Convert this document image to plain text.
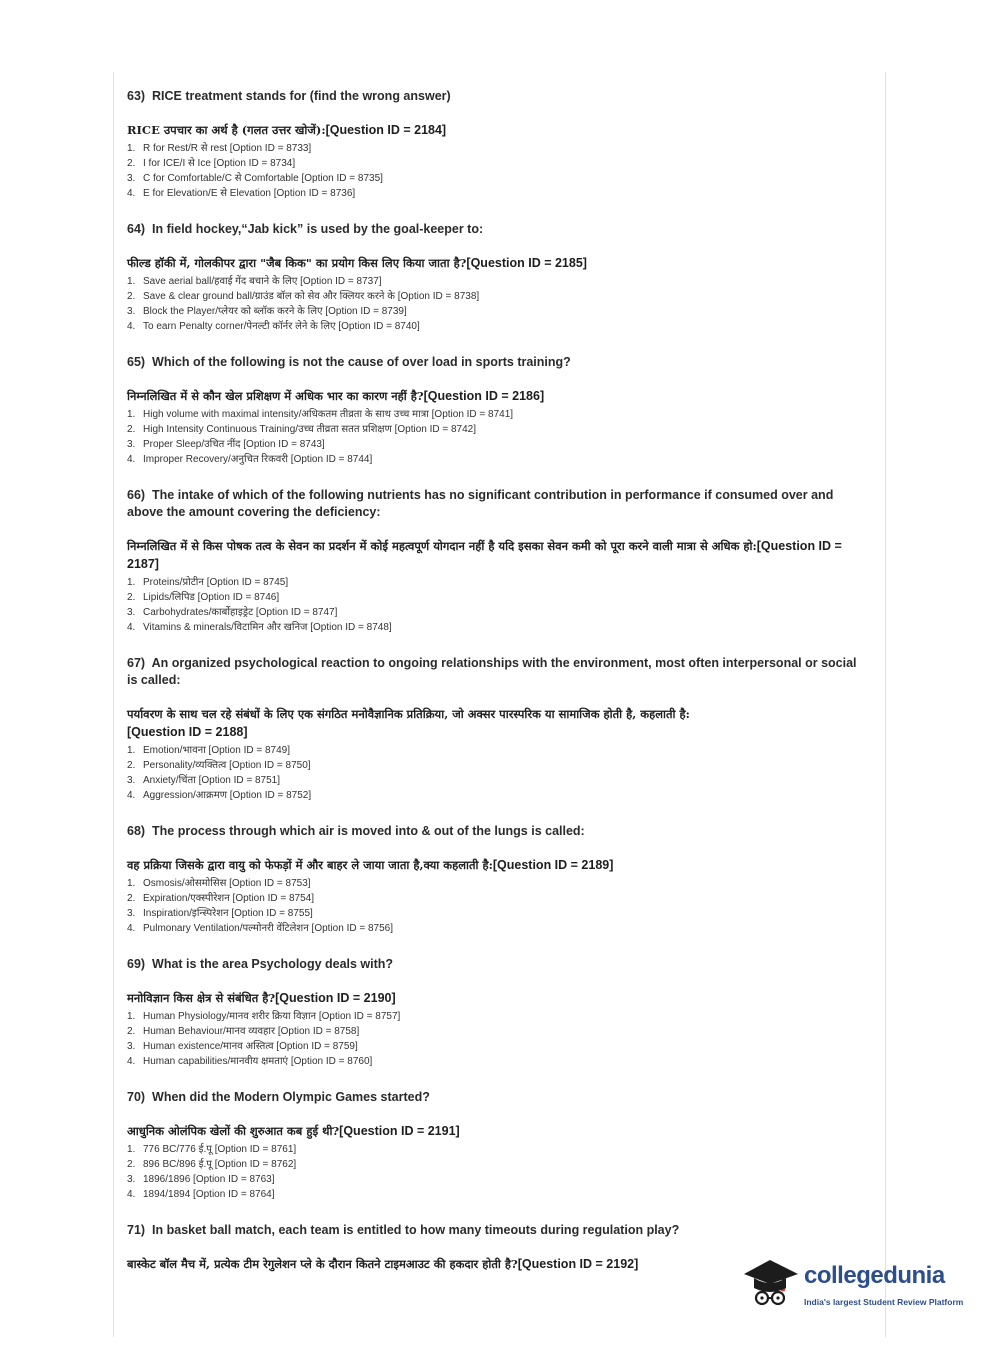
63) RICE treatment stands for (find the wrong answer)

RICE उपचार का अर्थ है (गलत उत्तर खोजें):[Question ID = 2184]

1. R for Rest/R से rest [Option ID = 8733]
2. I for ICE/I से Ice [Option ID = 8734]
3. C for Comfortable/C से Comfortable [Option ID = 8735]
4. E for Elevation/E से Elevation [Option ID = 8736]

64) In field hockey,“Jab kick” is used by the goal-keeper to:

फील्ड हॉकी में, गोलकीपर द्वारा "जैब किक" का प्रयोग किस लिए किया जाता है?[Question ID = 2185]

1. Save aerial ball/हवाई गेंद बचाने के लिए [Option ID = 8737]
2. Save & clear ground ball/ग्राउंड बॉल को सेव और क्लियर करने के [Option ID = 8738]
3. Block the Player/प्लेयर को ब्लॉक करने के लिए [Option ID = 8739]
4. To earn Penalty corner/पेनल्टी कॉर्नर लेने के लिए [Option ID = 8740]

65) Which of the following is not the cause of over load in sports training?

निम्नलिखित में से कौन खेल प्रशिक्षण में अधिक भार का कारण नहीं है?[Question ID = 2186]

1. High volume with maximal intensity/अधिकतम तीव्रता के साथ उच्च मात्रा [Option ID = 8741]
2. High Intensity Continuous Training/उच्च तीव्रता सतत प्रशिक्षण [Option ID = 8742]
3. Proper Sleep/उचित नींद [Option ID = 8743]
4. Improper Recovery/अनुचित रिकवरी [Option ID = 8744]

66) The intake of which of the following nutrients has no significant contribution in performance if consumed over and above the amount covering the deficiency:

निम्नलिखित में से किस पोषक तत्व के सेवन का प्रदर्शन में कोई महत्वपूर्ण योगदान नहीं है यदि इसका सेवन कमी को पूरा करने वाली मात्रा से अधिक हो:[Question ID = 2187]

1. Proteins/प्रोटीन [Option ID = 8745]
2. Lipids/लिपिड [Option ID = 8746]
3. Carbohydrates/कार्बोहाइड्रेट [Option ID = 8747]
4. Vitamins & minerals/विटामिन और खनिज [Option ID = 8748]

67) An organized psychological reaction to ongoing relationships with the environment, most often interpersonal or social is called:

पर्यावरण के साथ चल रहे संबंधों के लिए एक संगठित मनोवैज्ञानिक प्रतिक्रिया, जो अक्सर पारस्परिक या सामाजिक होती है, कहलाती है:
[Question ID = 2188]

1. Emotion/भावना [Option ID = 8749]
2. Personality/व्यक्तित्व [Option ID = 8750]
3. Anxiety/चिंता [Option ID = 8751]
4. Aggression/आक्रमण [Option ID = 8752]

68) The process through which air is moved into & out of the lungs is called:

वह प्रक्रिया जिसके द्वारा वायु को फेफड़ों में और बाहर ले जाया जाता है,क्या कहलाती है:[Question ID = 2189]

1. Osmosis/ओसमोसिस [Option ID = 8753]
2. Expiration/एक्स्पीरेशन [Option ID = 8754]
3. Inspiration/इन्स्पिरेशन [Option ID = 8755]
4. Pulmonary Ventilation/पल्मोनरी वेंटिलेशन [Option ID = 8756]

69) What is the area Psychology deals with?

मनोविज्ञान किस क्षेत्र से संबंधित है?[Question ID = 2190]

1. Human Physiology/मानव शरीर क्रिया विज्ञान [Option ID = 8757]
2. Human Behaviour/मानव व्यवहार [Option ID = 8758]
3. Human existence/मानव अस्तित्व [Option ID = 8759]
4. Human capabilities/मानवीय क्षमताएं [Option ID = 8760]

70) When did the Modern Olympic Games started?

आधुनिक ओलंपिक खेलों की शुरुआत कब हुई थी?[Question ID = 2191]

1. 776 BC/776 ई.पू [Option ID = 8761]
2. 896 BC/896 ई.पू [Option ID = 8762]
3. 1896/1896 [Option ID = 8763]
4. 1894/1894 [Option ID = 8764]

71) In basket ball match, each team is entitled to how many timeouts during regulation play?

बास्केट बॉल मैच में, प्रत्येक टीम रेगुलेशन प्ले के दौरान कितने टाइमआउट की हकदार होती है?[Question ID = 2192]	collegedunia
India's largest Student Review Platform
